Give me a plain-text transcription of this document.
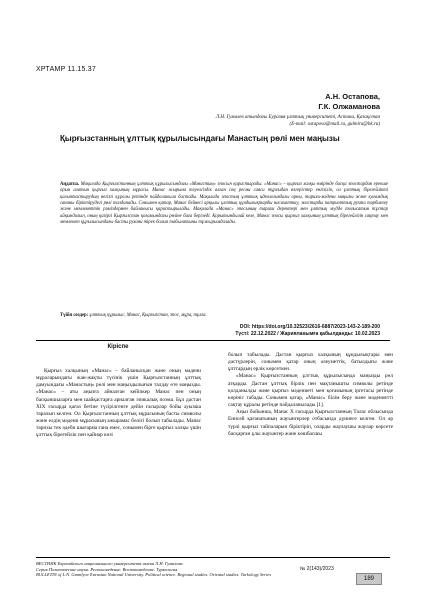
ХРТАМР 11.15.37
А.Н. Остапова,
Г.К. Олжаманова
Л.Н. Гумилев атындағы Еуразия ұлттық университеті, Астана, Қазақстан
(E-mail: ostapova@mail.ru, gulmira@bk.ru)
Қырғызстанның ұлттық құрылысындағы Манастың рөлі мен маңызы
Аңдатпа. Мақалада Қырғызстанның ұлттық құрылысындағы «Манастың» эпосын қарастырады. «Манас» – қырғыз халқы өмірінде басқа эпостардан ерекше орын алатын қырғыз халқының мұрасы. Манас жырына тәуелсіздік алған соң ресми саяси тұрғыдан өзгерістер енгізіліп, ол ұлттық бірегейлікті қалыптастырудың негізгі құралы ретінде пайдаланыла бастады. Мақалада эпостың ұлттық идеологиядағы орны, тарихи-мәдени маңызы және қоғамдық сананы біріктірудегі рөлі талданады. Сонымен қатар, Манас бейнесі арқылы ұлттық құндылықтарды насихаттау, жастарды патриоттық рухта тәрбиелеу және мемлекеттік рәміздермен байланысы қарастырылады. Мақалада «Манас» эпосының тарихи деректері мен ұлттық мүдде тоғысатын тұстар айқындалып, оның қазіргі Қырғызстан қоғамындағы рөліне баға беріледі. Қорытындылай келе, Манас эпосы қырғыз халқының ұлттық бірегейлігін сақтау мен мемлекет құрылысындағы басты рухани тірек болып табылатыны тұжырымдалады.
Түйін сөздер: ұлттық құрылыс, Манас, Қырғызстан, эпос, мұра, тұлға.
DOI: https://doi.org/10.32523/2616-6887/2023-143-2-189-200
Түсті: 22.12.2022 / Жарияланымға қабылданды: 10.02.2023
Кіріспе

Қырғыз халқының «Манас» – байланысқан және оның мәдени мұраларындағы жан-жақты түсінік үшін Қырғызстанның ұлттық дамуындағы «Манастың» рөлі мен маңыздылығын талдау өте маңызды. «Манас» – аты аңызға айналған кейіпкер Манас пен оның басқыншыларға мен шайқастарға арналған эпикалық поэма. Бұл дастан ХІХ ғасырда қағаз бетіне түсірілгенге дейін ғасырлар бойы ауызша таралып келген. Ол Қырғызстанның ұлттық мұрасының басты символы және елдің мәдени мұрасының ажырамас бөлігі болып табылады. Манас тарихы тек әдеби шығарма ғана емес, сонымен бірге қырғыз халқы үшін ұлттық бірегейлік пен қайнар көзі

болып табылады. Дастан қырғыз халқының құндылықтары мен дәстүрлерін, сонымен қатар оның әлеуметтік, батылдығы және ұлттардың ерлік көрсеткен.

«Манас» Қырғызстанның ұлттық құрылысында маңызды рөл атқарды. Дастан ұлттық бірлік пен мақтанышты символы ретінде қолданылды және қырғыз мәдениеті мен қоғамының іргетасы ретінде көрініс табады. Сонымен қатар, «Манас» білім беру және мәдениетті сақтау құралы ретінде пайдаланылады [1].

Аңыз бойынша, Манас Х ғасырда Қырғызстанның Талас облысында Енисей қағанатының жауынгерлер отбасында дүниеге келген. Ол әр түрлі қырғыз тайпаларын біріктіріп, оларды жаулаушы жаулар көрсете басқарған ұлы жауынгер және көшбасшы

ВЕСТНИК Евразийского национального университета имени Л.Н. Гумилева.
Серия Политические науки. Регионоведение. Востоковедение. Туркология.
BULLETIN of L.N. Gumilyov Eurasian National University. Political science. Regional studies. Oriental studies. Turkology Series
№ 2(143)/2023
189
